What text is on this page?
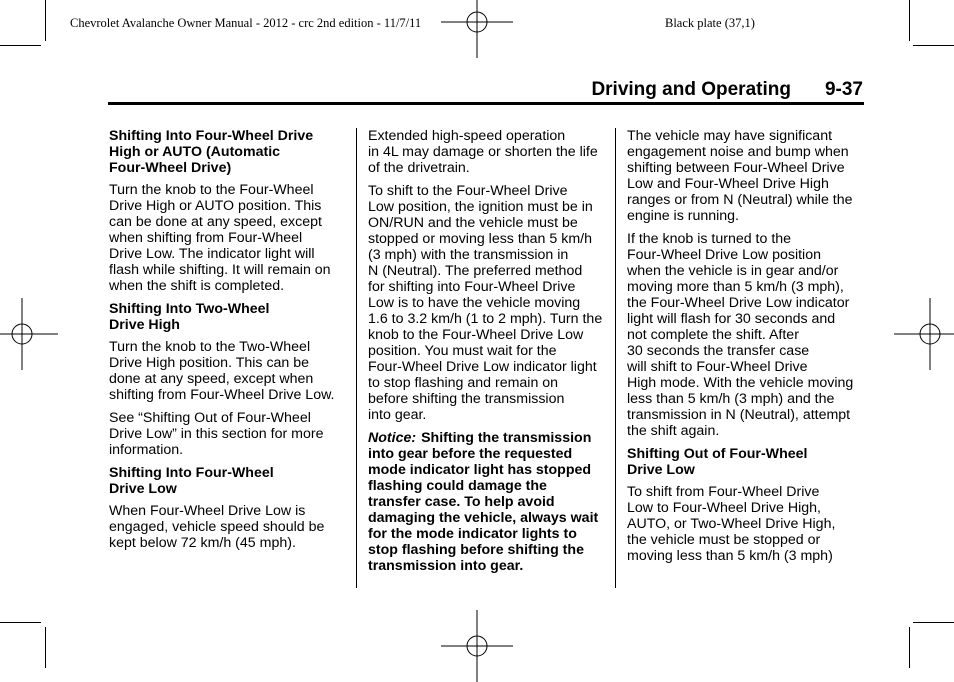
Chevrolet Avalanche Owner Manual - 2012 - crc 2nd edition - 11/7/11	Black plate (37,1)
Driving and Operating 9-37

Shifting Into Four-Wheel Drive
High or AUTO (Automatic
Four-Wheel Drive)

Turn the knob to the Four-Wheel
Drive High or AUTO position. This
can be done at any speed, except
when shifting from Four-Wheel
Drive Low. The indicator light will
flash while shifting. It will remain on
when the shift is completed.

Shifting Into Two-Wheel
Drive High

Turn the knob to the Two-Wheel
Drive High position. This can be
done at any speed, except when
shifting from Four-Wheel Drive Low.

See “Shifting Out of Four-Wheel
Drive Low” in this section for more
information.

Shifting Into Four-Wheel
Drive Low

When Four-Wheel Drive Low is
engaged, vehicle speed should be
kept below 72 km/h (45 mph).

Extended high-speed operation
in 4L may damage or shorten the life
of the drivetrain.

To shift to the Four-Wheel Drive
Low position, the ignition must be in
ON/RUN and the vehicle must be
stopped or moving less than 5 km/h
(3 mph) with the transmission in
N (Neutral). The preferred method
for shifting into Four-Wheel Drive
Low is to have the vehicle moving
1.6 to 3.2 km/h (1 to 2 mph). Turn the
knob to the Four-Wheel Drive Low
position. You must wait for the
Four-Wheel Drive Low indicator light
to stop flashing and remain on
before shifting the transmission
into gear.

Notice: Shifting the transmission
into gear before the requested
mode indicator light has stopped
flashing could damage the
transfer case. To help avoid
damaging the vehicle, always wait
for the mode indicator lights to
stop flashing before shifting the
transmission into gear.

The vehicle may have significant
engagement noise and bump when
shifting between Four-Wheel Drive
Low and Four-Wheel Drive High
ranges or from N (Neutral) while the
engine is running.

If the knob is turned to the
Four-Wheel Drive Low position
when the vehicle is in gear and/or
moving more than 5 km/h (3 mph),
the Four-Wheel Drive Low indicator
light will flash for 30 seconds and
not complete the shift. After
30 seconds the transfer case
will shift to Four-Wheel Drive
High mode. With the vehicle moving
less than 5 km/h (3 mph) and the
transmission in N (Neutral), attempt
the shift again.

Shifting Out of Four-Wheel
Drive Low

To shift from Four-Wheel Drive
Low to Four-Wheel Drive High,
AUTO, or Two-Wheel Drive High,
the vehicle must be stopped or
moving less than 5 km/h (3 mph)
